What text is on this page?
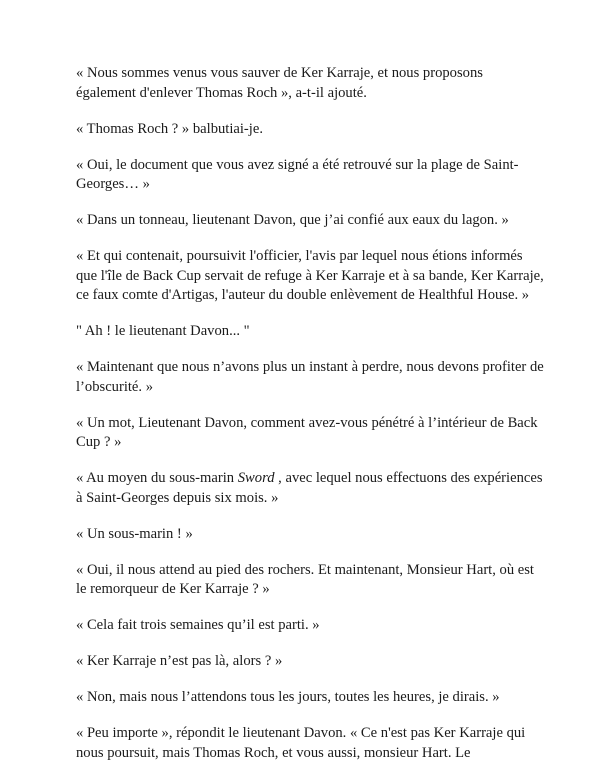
« Nous sommes venus vous sauver de Ker Karraje, et nous proposons également d'enlever Thomas Roch », a-t-il ajouté.

« Thomas Roch ? » balbutiai-je.

« Oui, le document que vous avez signé a été retrouvé sur la plage de Saint-Georges… »

« Dans un tonneau, lieutenant Davon, que j’ai confié aux eaux du lagon. »

« Et qui contenait, poursuivit l'officier, l'avis par lequel nous étions informés que l'île de Back Cup servait de refuge à Ker Karraje et à sa bande, Ker Karraje, ce faux comte d'Artigas, l'auteur du double enlèvement de Healthful House. »

" Ah ! le lieutenant Davon... "

« Maintenant que nous n’avons plus un instant à perdre, nous devons profiter de l’obscurité. »

« Un mot, Lieutenant Davon, comment avez-vous pénétré à l’intérieur de Back Cup ? »

« Au moyen du sous-marin Sword , avec lequel nous effectuons des expériences à Saint-Georges depuis six mois. »

« Un sous-marin ! »

« Oui, il nous attend au pied des rochers. Et maintenant, Monsieur Hart, où est le remorqueur de Ker Karraje ? »

« Cela fait trois semaines qu’il est parti. »

« Ker Karraje n’est pas là, alors ? »

« Non, mais nous l’attendons tous les jours, toutes les heures, je dirais. »

« Peu importe », répondit le lieutenant Davon. « Ce n'est pas Ker Karraje qui nous poursuit, mais Thomas Roch, et vous aussi, monsieur Hart. Le
